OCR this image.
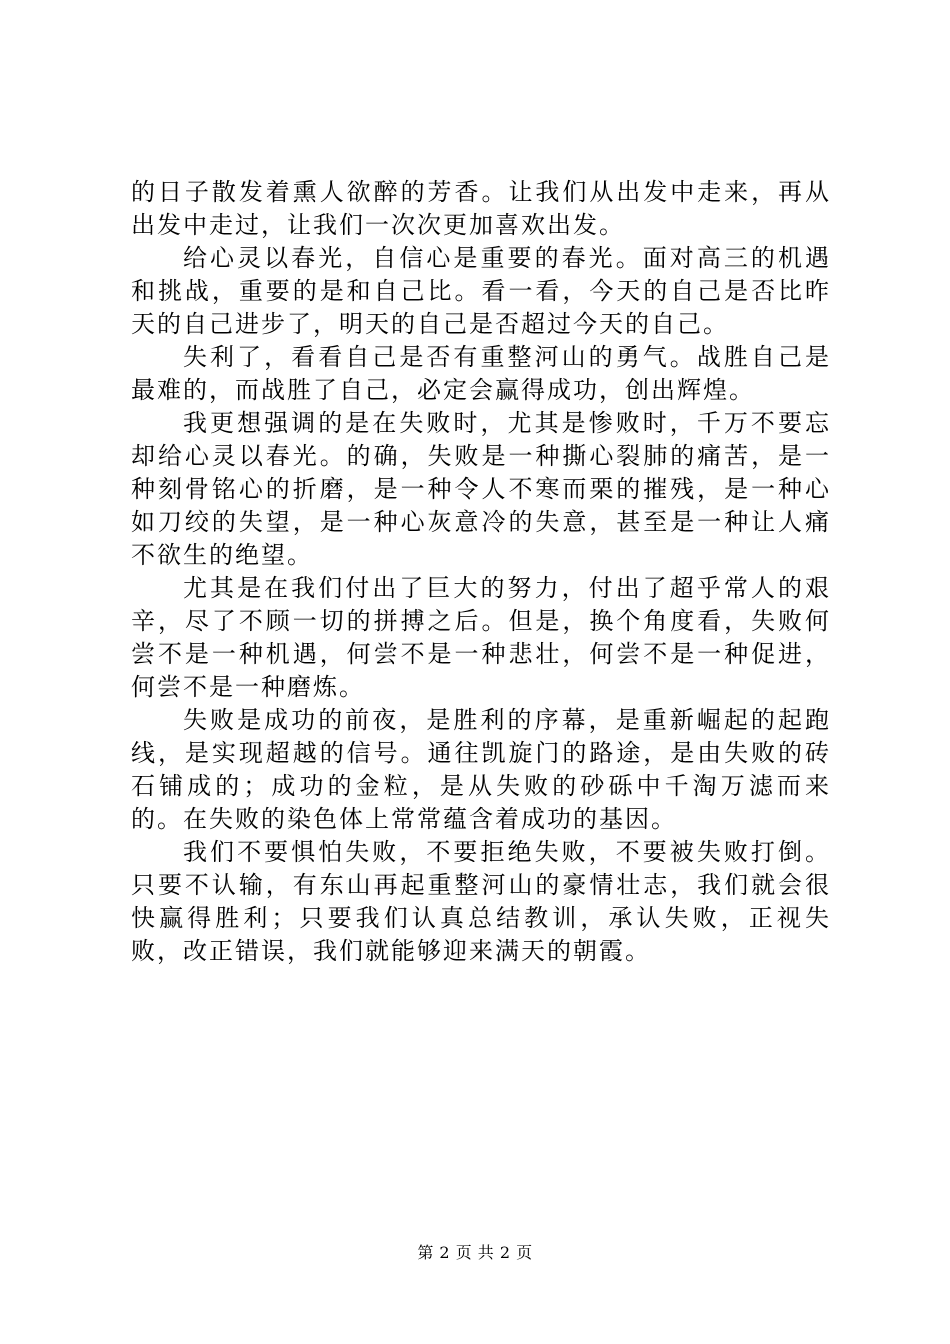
的日子散发着熏人欲醉的芳香。让我们从出发中走来，再从出发中走过，让我们一次次更加喜欢出发。

给心灵以春光，自信心是重要的春光。面对高三的机遇和挑战，重要的是和自己比。看一看，今天的自己是否比昨天的自己进步了，明天的自己是否超过今天的自己。

失利了，看看自己是否有重整河山的勇气。战胜自己是最难的，而战胜了自己，必定会赢得成功，创出辉煌。

我更想强调的是在失败时，尤其是惨败时，千万不要忘却给心灵以春光。的确，失败是一种撕心裂肺的痛苦，是一种刻骨铭心的折磨，是一种令人不寒而栗的摧残，是一种心如刀绞的失望，是一种心灰意冷的失意，甚至是一种让人痛不欲生的绝望。

尤其是在我们付出了巨大的努力，付出了超乎常人的艰辛，尽了不顾一切的拼搏之后。但是，换个角度看，失败何尝不是一种机遇，何尝不是一种悲壮，何尝不是一种促进，何尝不是一种磨炼。

失败是成功的前夜，是胜利的序幕，是重新崛起的起跑线，是实现超越的信号。通往凯旋门的路途，是由失败的砖石铺成的；成功的金粒，是从失败的砂砾中千淘万滤而来的。在失败的染色体上常常蕴含着成功的基因。

我们不要惧怕失败，不要拒绝失败，不要被失败打倒。只要不认输，有东山再起重整河山的豪情壮志，我们就会很快赢得胜利；只要我们认真总结教训，承认失败，正视失败，改正错误，我们就能够迎来满天的朝霞。

第 2 页 共 2 页
